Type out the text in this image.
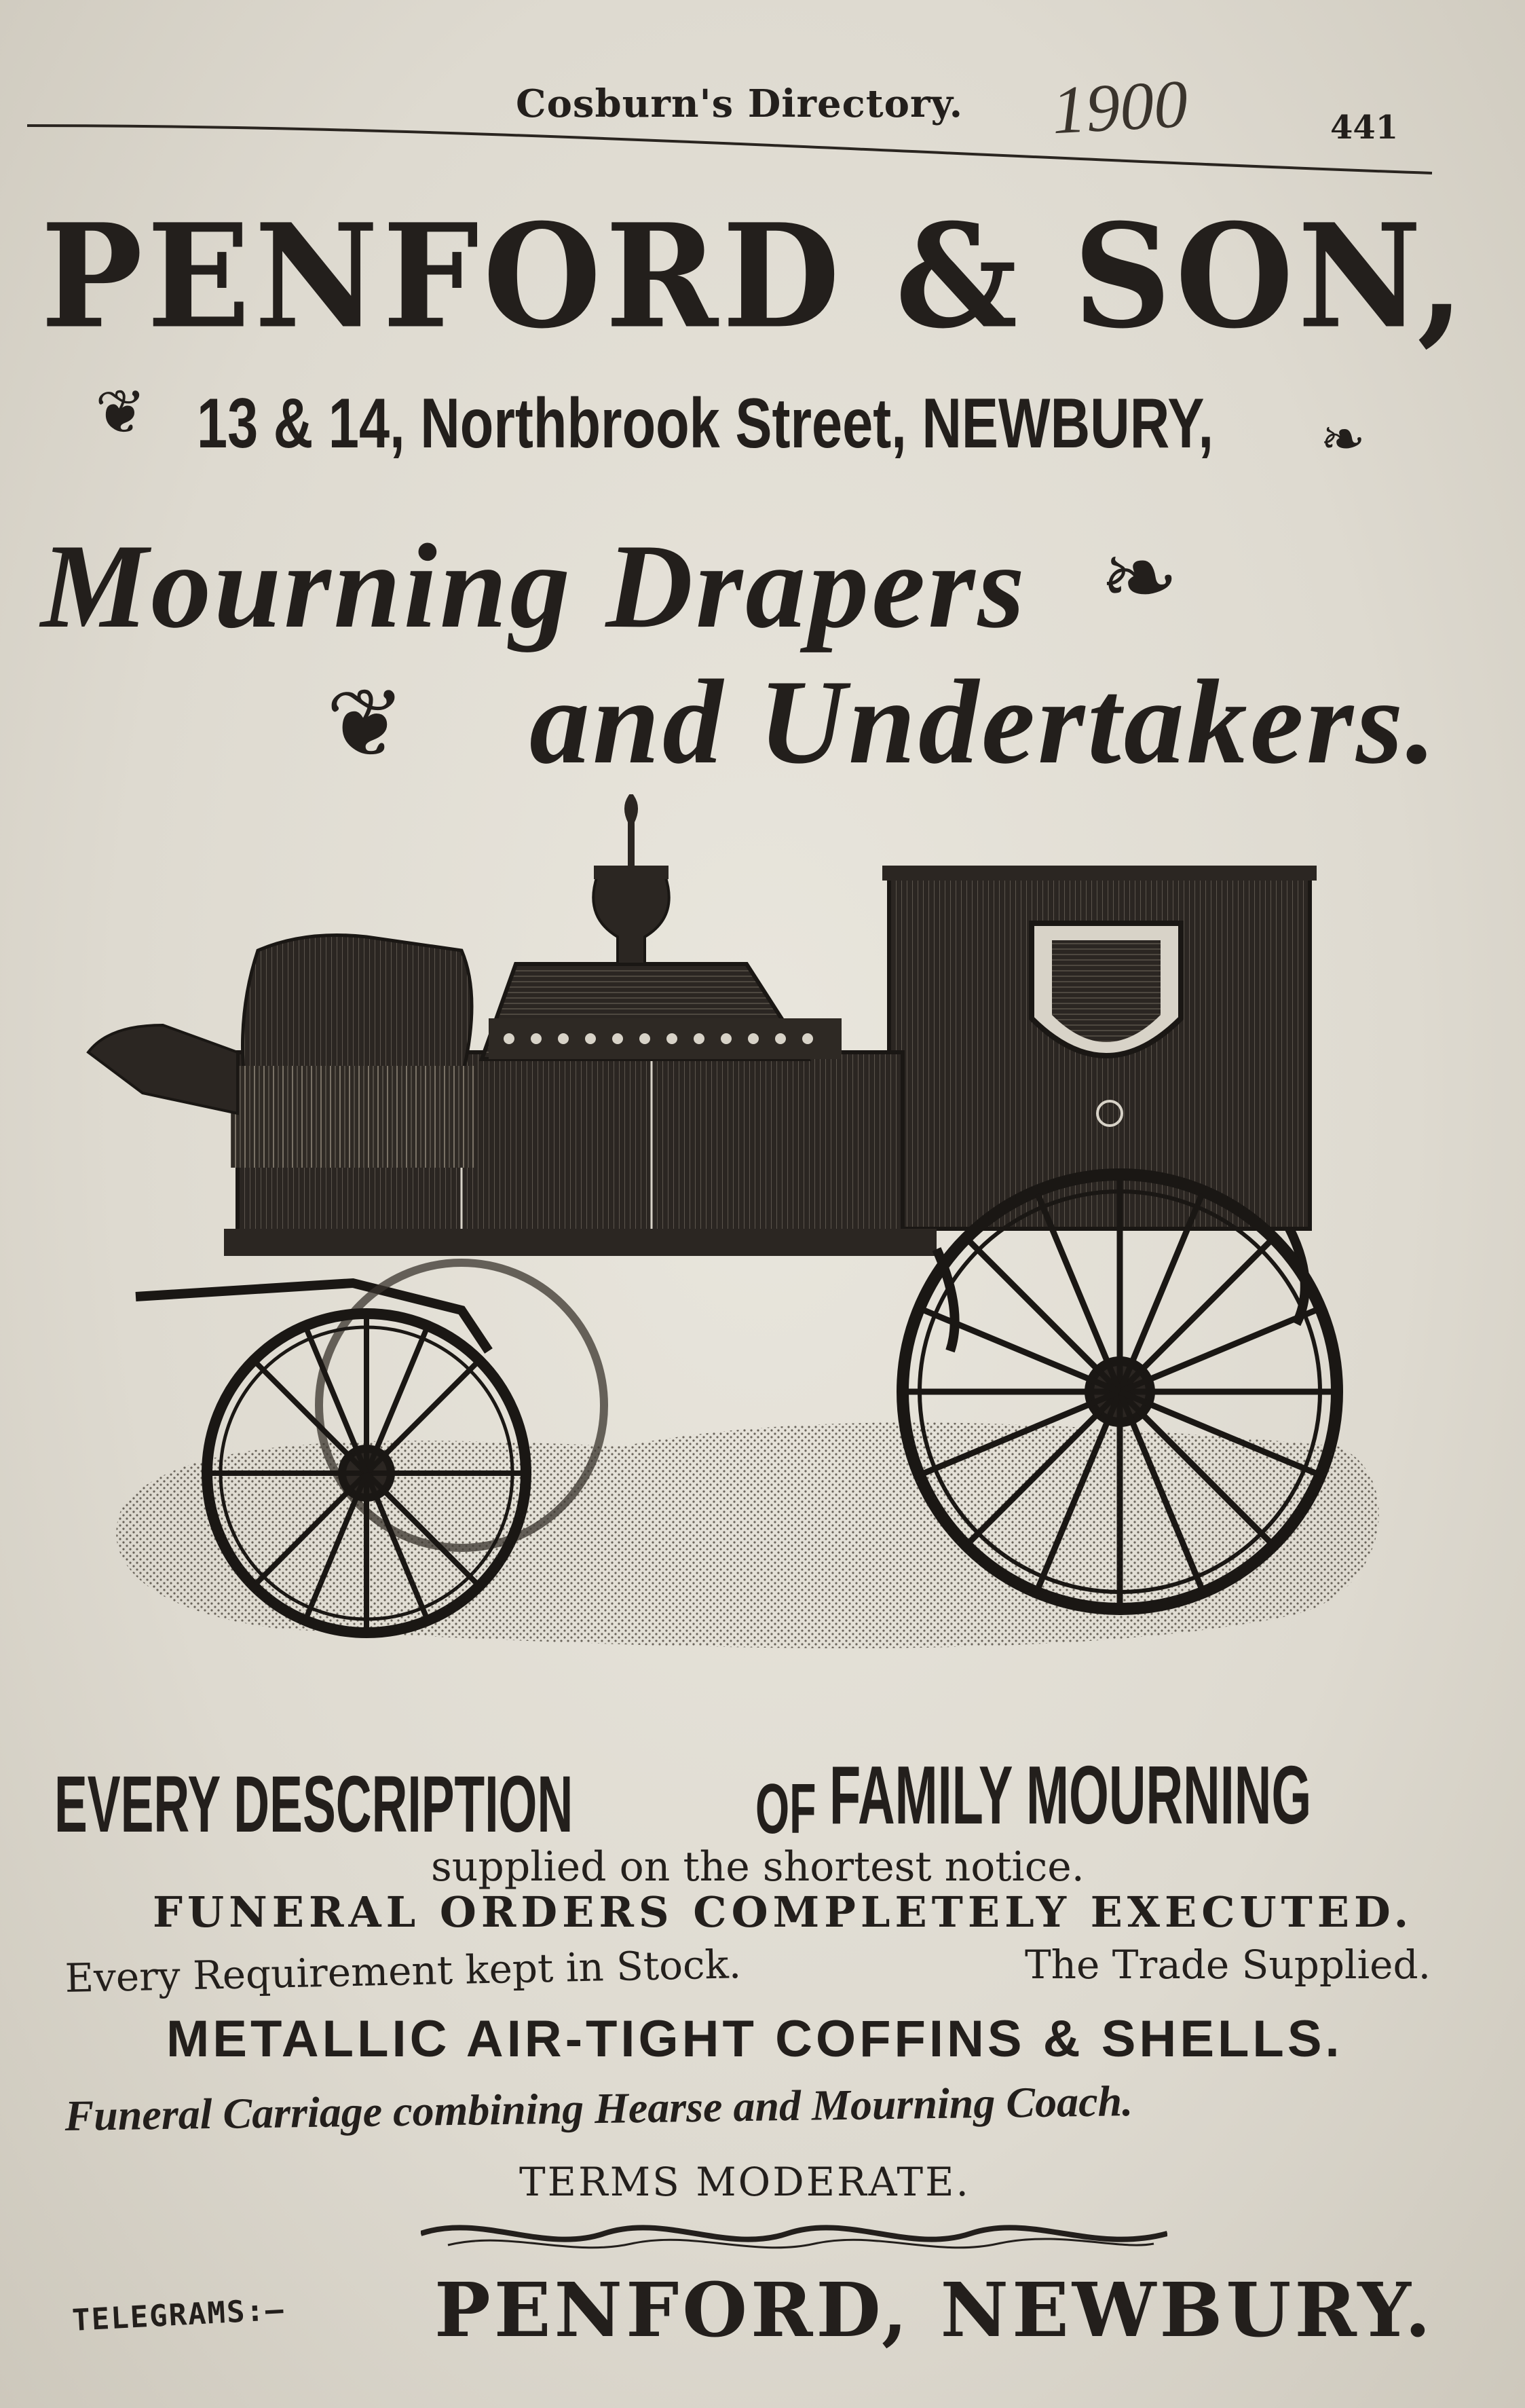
Cosburn's Directory. 1900	441

PENFORD & SON,

❦ 13 & 14, Northbrook Street, NEWBURY, ❧

Mourning Drapers ❧
❦ and Undertakers.

EVERY DESCRIPTION	OF FAMILY MOURNING

supplied on the shortest notice.

FUNERAL ORDERS COMPLETELY EXECUTED.

Every Requirement kept in Stock.	The Trade Supplied.

METALLIC AIR-TIGHT COFFINS & SHELLS.

Funeral Carriage combining Hearse and Mourning Coach.

TERMS MODERATE.

TELEGRAMS:— PENFORD, NEWBURY.
